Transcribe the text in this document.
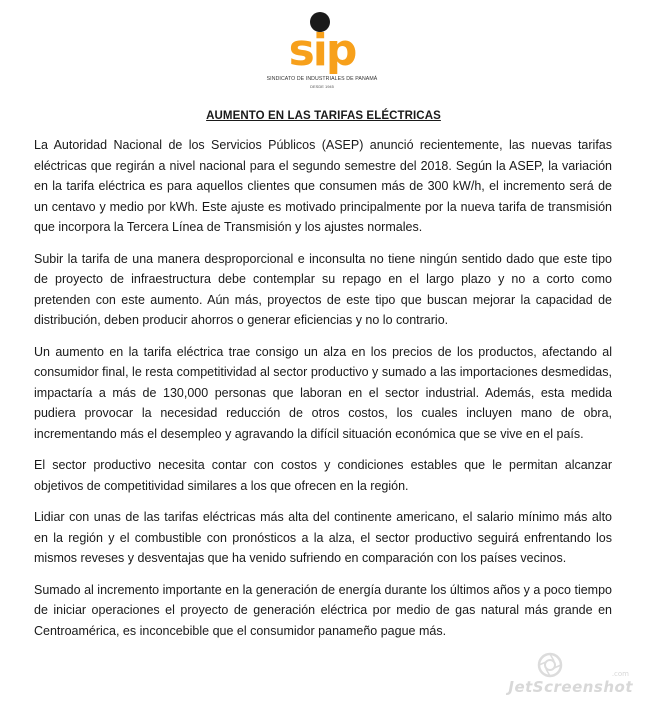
sip
SINDICATO DE INDUSTRIALES DE PANAMÁ
DESDE 1945
AUMENTO EN LAS TARIFAS ELÉCTRICAS

La Autoridad Nacional de los Servicios Públicos (ASEP) anunció recientemente, las nuevas tarifas eléctricas que regirán a nivel nacional para el segundo semestre del 2018. Según la ASEP, la variación en la tarifa eléctrica es para aquellos clientes que consumen más de 300 kW/h, el incremento será de un centavo y medio por kWh. Este ajuste es motivado principalmente por la nueva tarifa de transmisión que incorpora la Tercera Línea de Transmisión y los ajustes normales.

Subir la tarifa de una manera desproporcional e inconsulta no tiene ningún sentido dado que este tipo de proyecto de infraestructura debe contemplar su repago en el largo plazo y no a corto como pretenden con este aumento. Aún más, proyectos de este tipo que buscan mejorar la capacidad de distribución, deben producir ahorros o generar eficiencias y no lo contrario.

Un aumento en la tarifa eléctrica trae consigo un alza en los precios de los productos, afectando al consumidor final, le resta competitividad al sector productivo y sumado a las importaciones desmedidas, impactaría a más de 130,000 personas que laboran en el sector industrial. Además, esta medida pudiera provocar la necesidad reducción de otros costos, los cuales incluyen mano de obra, incrementando más el desempleo y agravando la difícil situación económica que se vive en el país.

El sector productivo necesita contar con costos y condiciones estables que le permitan alcanzar objetivos de competitividad similares a los que ofrecen en la región.

Lidiar con unas de las tarifas eléctricas más alta del continente americano, el salario mínimo más alto en la región y el combustible con pronósticos a la alza, el sector productivo seguirá enfrentando los mismos reveses y desventajas que ha venido sufriendo en comparación con los países vecinos.

Sumado al incremento importante en la generación de energía durante los últimos años y a poco tiempo de iniciar operaciones el proyecto de generación eléctrica por medio de gas natural más grande en Centroamérica, es inconcebible que el consumidor panameño pague más.

.com
JetScreenshot
